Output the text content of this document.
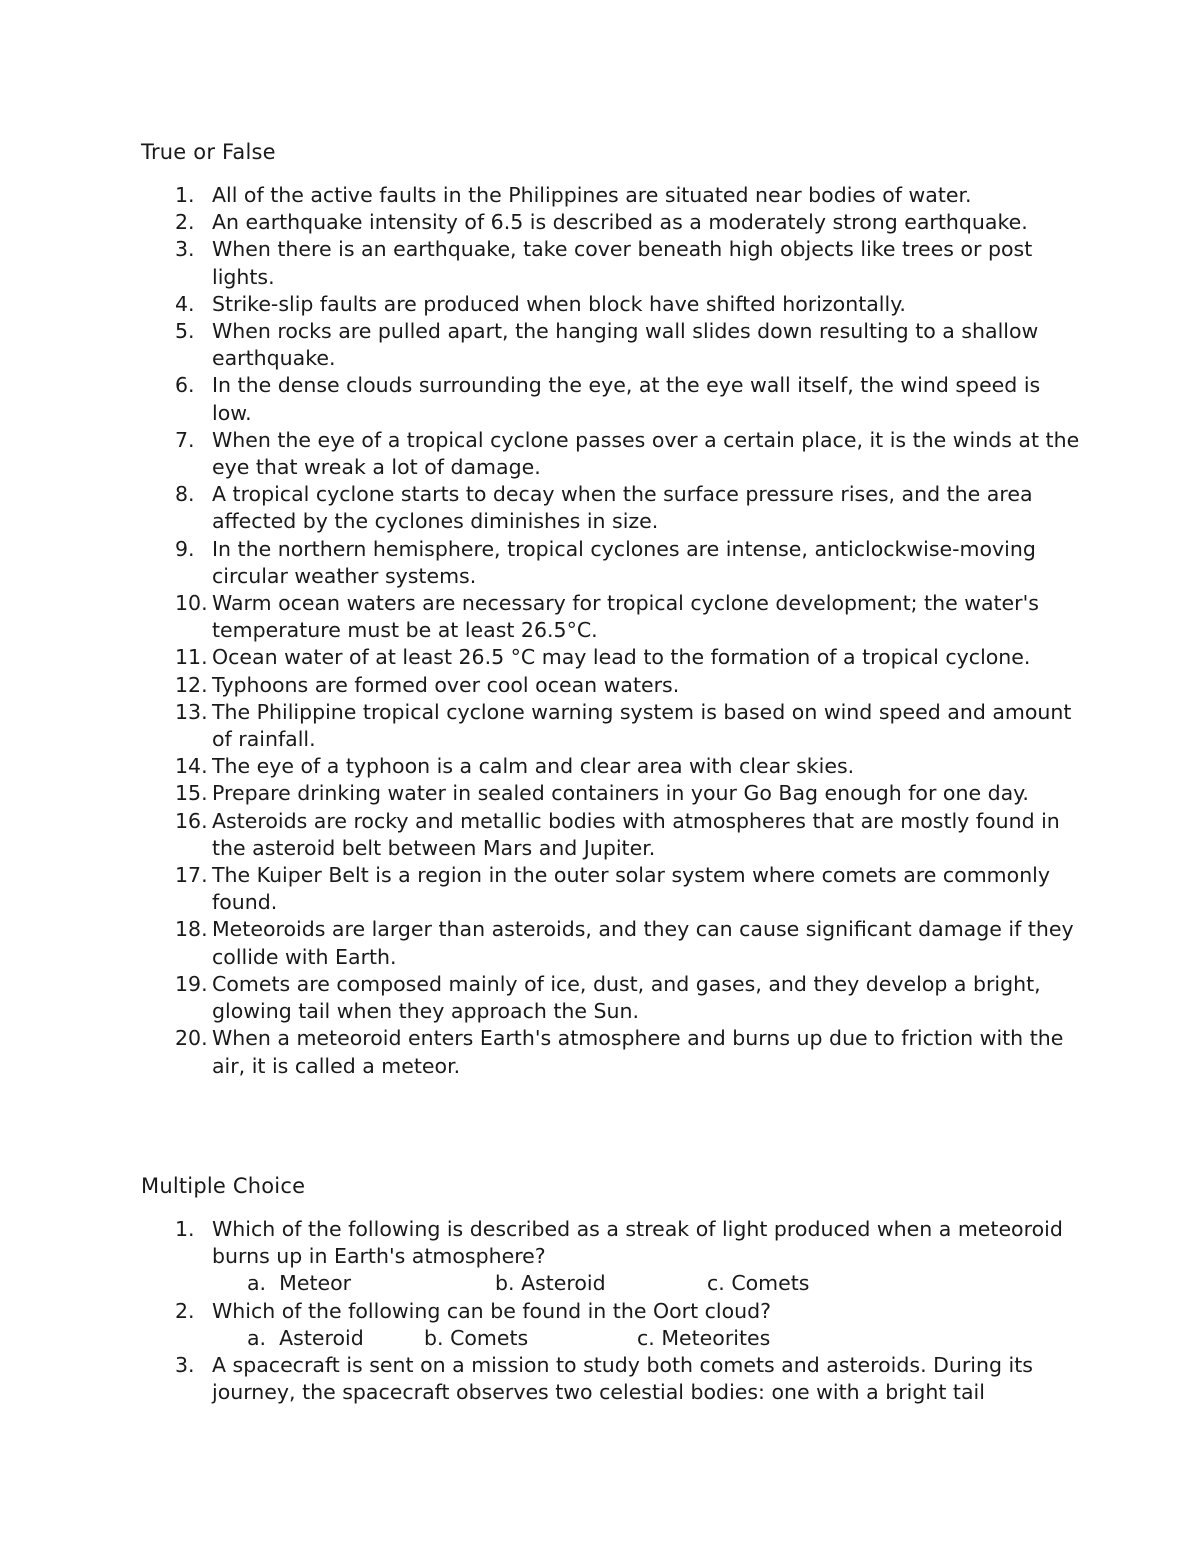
True or False
1. All of the active faults in the Philippines are situated near bodies of water.
2. An earthquake intensity of 6.5 is described as a moderately strong earthquake.
3. When there is an earthquake, take cover beneath high objects like trees or post lights.
4. Strike-slip faults are produced when block have shifted horizontally.
5. When rocks are pulled apart, the hanging wall slides down resulting to a shallow earthquake.
6. In the dense clouds surrounding the eye, at the eye wall itself, the wind speed is low.
7. When the eye of a tropical cyclone passes over a certain place, it is the winds at the eye that wreak a lot of damage.
8. A tropical cyclone starts to decay when the surface pressure rises, and the area affected by the cyclones diminishes in size.
9. In the northern hemisphere, tropical cyclones are intense, anticlockwise-moving circular weather systems.
10. Warm ocean waters are necessary for tropical cyclone development; the water's temperature must be at least 26.5°C.
11. Ocean water of at least 26.5 °C may lead to the formation of a tropical cyclone.
12. Typhoons are formed over cool ocean waters.
13. The Philippine tropical cyclone warning system is based on wind speed and amount of rainfall.
14. The eye of a typhoon is a calm and clear area with clear skies.
15. Prepare drinking water in sealed containers in your Go Bag enough for one day.
16. Asteroids are rocky and metallic bodies with atmospheres that are mostly found in the asteroid belt between Mars and Jupiter.
17. The Kuiper Belt is a region in the outer solar system where comets are commonly found.
18. Meteoroids are larger than asteroids, and they can cause significant damage if they collide with Earth.
19. Comets are composed mainly of ice, dust, and gases, and they develop a bright, glowing tail when they approach the Sun.
20. When a meteoroid enters Earth's atmosphere and burns up due to friction with the air, it is called a meteor.
Multiple Choice
1. Which of the following is described as a streak of light produced when a meteoroid burns up in Earth's atmosphere?
a. Meteor	b. Asteroid	c. Comets
2. Which of the following can be found in the Oort cloud?
a. Asteroid	b. Comets	c. Meteorites
3. A spacecraft is sent on a mission to study both comets and asteroids. During its journey, the spacecraft observes two celestial bodies: one with a bright tail
